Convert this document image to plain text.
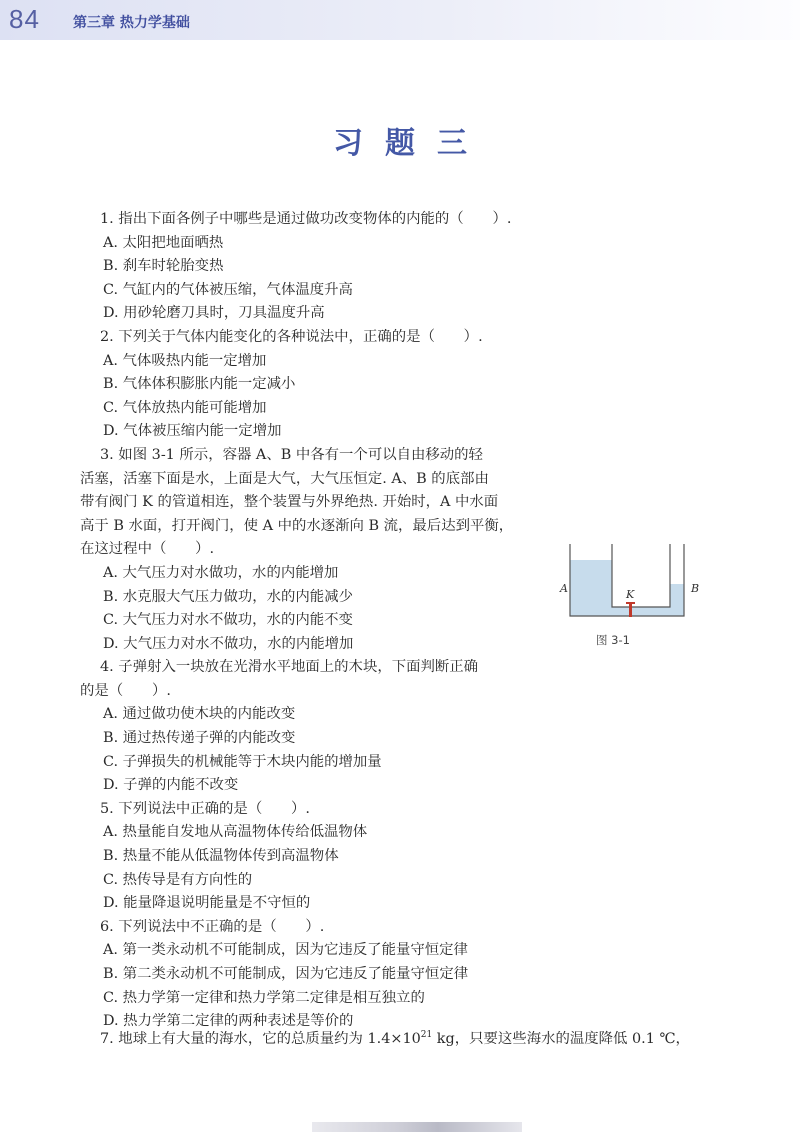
84 第三章 热力学基础
习题三
1. 指出下面各例子中哪些是通过做功改变物体的内能的（　　）.
A. 太阳把地面晒热
B. 刹车时轮胎变热
C. 气缸内的气体被压缩，气体温度升高
D. 用砂轮磨刀具时，刀具温度升高
2. 下列关于气体内能变化的各种说法中，正确的是（　　）.
A. 气体吸热内能一定增加
B. 气体体积膨胀内能一定减小
C. 气体放热内能可能增加
D. 气体被压缩内能一定增加
3. 如图 3-1 所示，容器 A、B 中各有一个可以自由移动的轻
活塞，活塞下面是水，上面是大气，大气压恒定. A、B 的底部由
带有阀门 K 的管道相连，整个装置与外界绝热. 开始时，A 中水面
高于 B 水面，打开阀门，使 A 中的水逐渐向 B 流，最后达到平衡，
在这过程中（　　）.
A. 大气压力对水做功，水的内能增加
B. 水克服大气压力做功，水的内能减少
C. 大气压力对水不做功，水的内能不变
D. 大气压力对水不做功，水的内能增加
4. 子弹射入一块放在光滑水平地面上的木块，下面判断正确
的是（　　）.
A. 通过做功使木块的内能改变
B. 通过热传递子弹的内能改变
C. 子弹损失的机械能等于木块内能的增加量
D. 子弹的内能不改变
5. 下列说法中正确的是（　　）.
A. 热量能自发地从高温物体传给低温物体
B. 热量不能从低温物体传到高温物体
C. 热传导是有方向性的
D. 能量降退说明能量是不守恒的
6. 下列说法中不正确的是（　　）.
A. 第一类永动机不可能制成，因为它违反了能量守恒定律
B. 第二类永动机不可能制成，因为它违反了能量守恒定律
C. 热力学第一定律和热力学第二定律是相互独立的
D. 热力学第二定律的两种表述是等价的
7. 地球上有大量的海水，它的总质量约为 $1.4\times 10^{21}$ kg，只要这些海水的温度降低 0.1 ℃，
A	K	B
图 3-1
